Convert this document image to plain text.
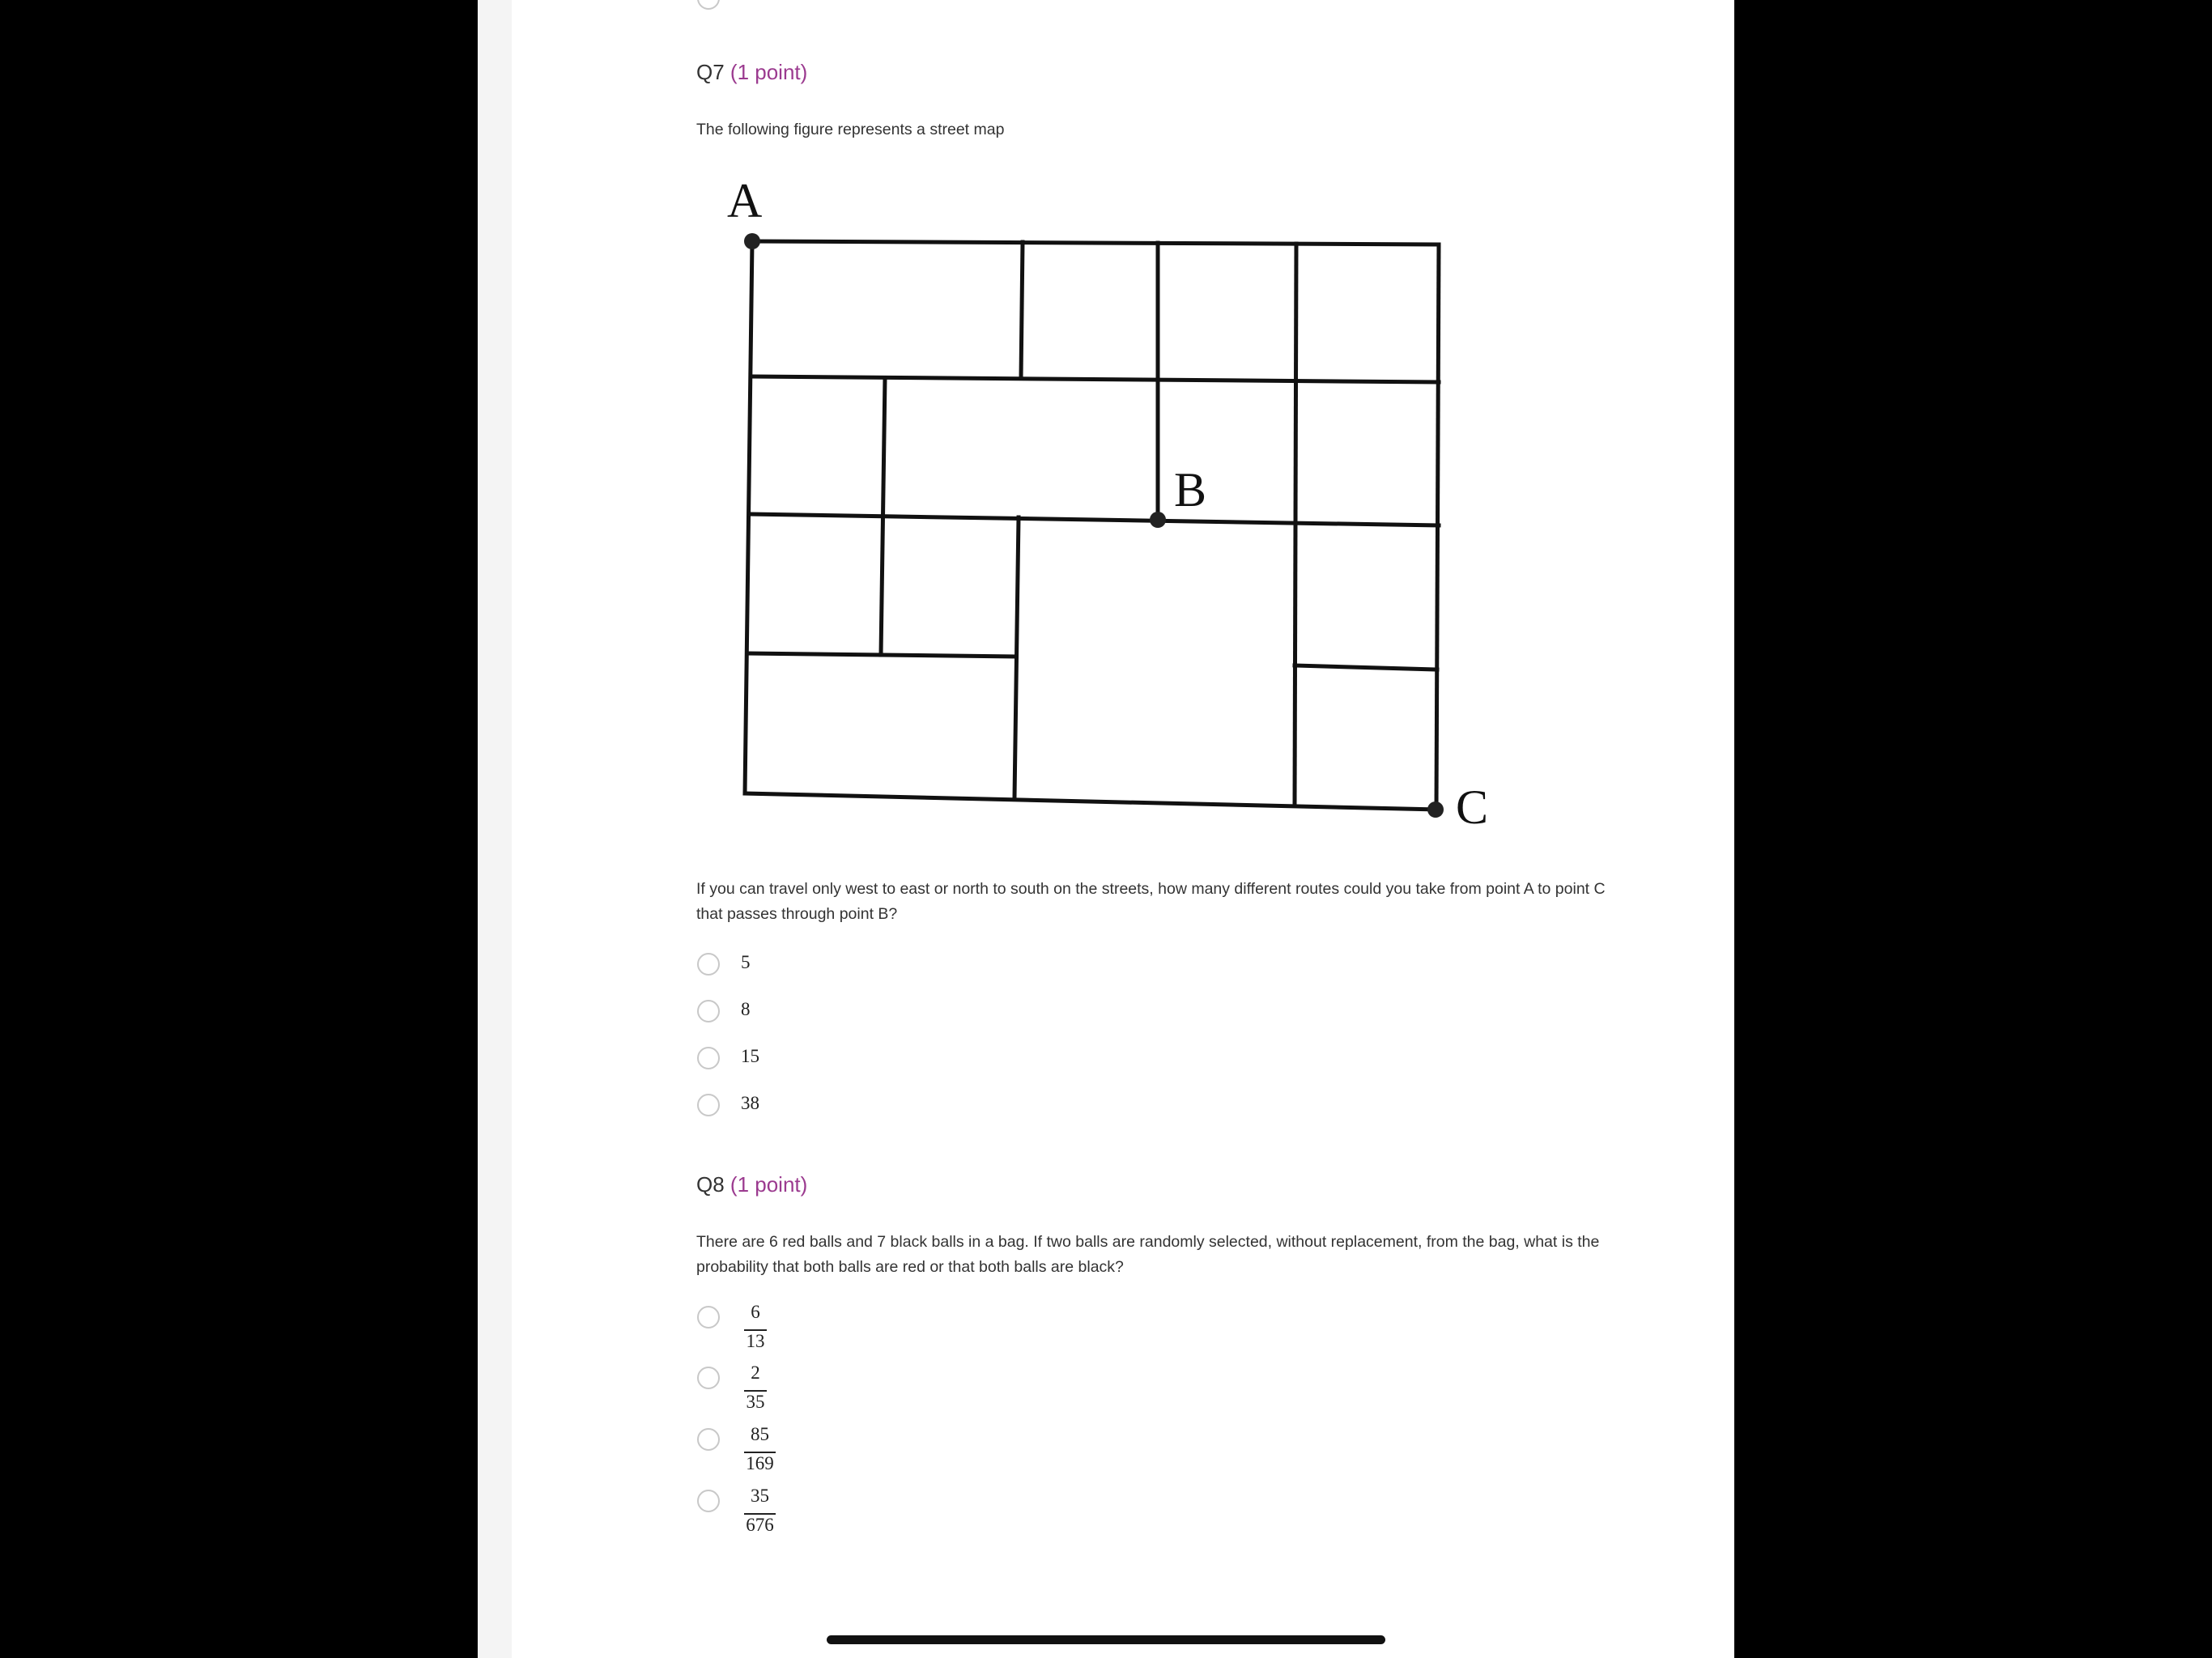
Q7 (1 point)
The following figure represents a street map
A
B
C
If you can travel only west to east or north to south on the streets, how many different routes could you take from point A to point C that passes through point B?
5
8
15
38
Q8 (1 point)
There are 6 red balls and 7 black balls in a bag. If two balls are randomly selected, without replacement, from the bag, what is the probability that both balls are red or that both balls are black?
6
13
2
35
85
169
35
676
